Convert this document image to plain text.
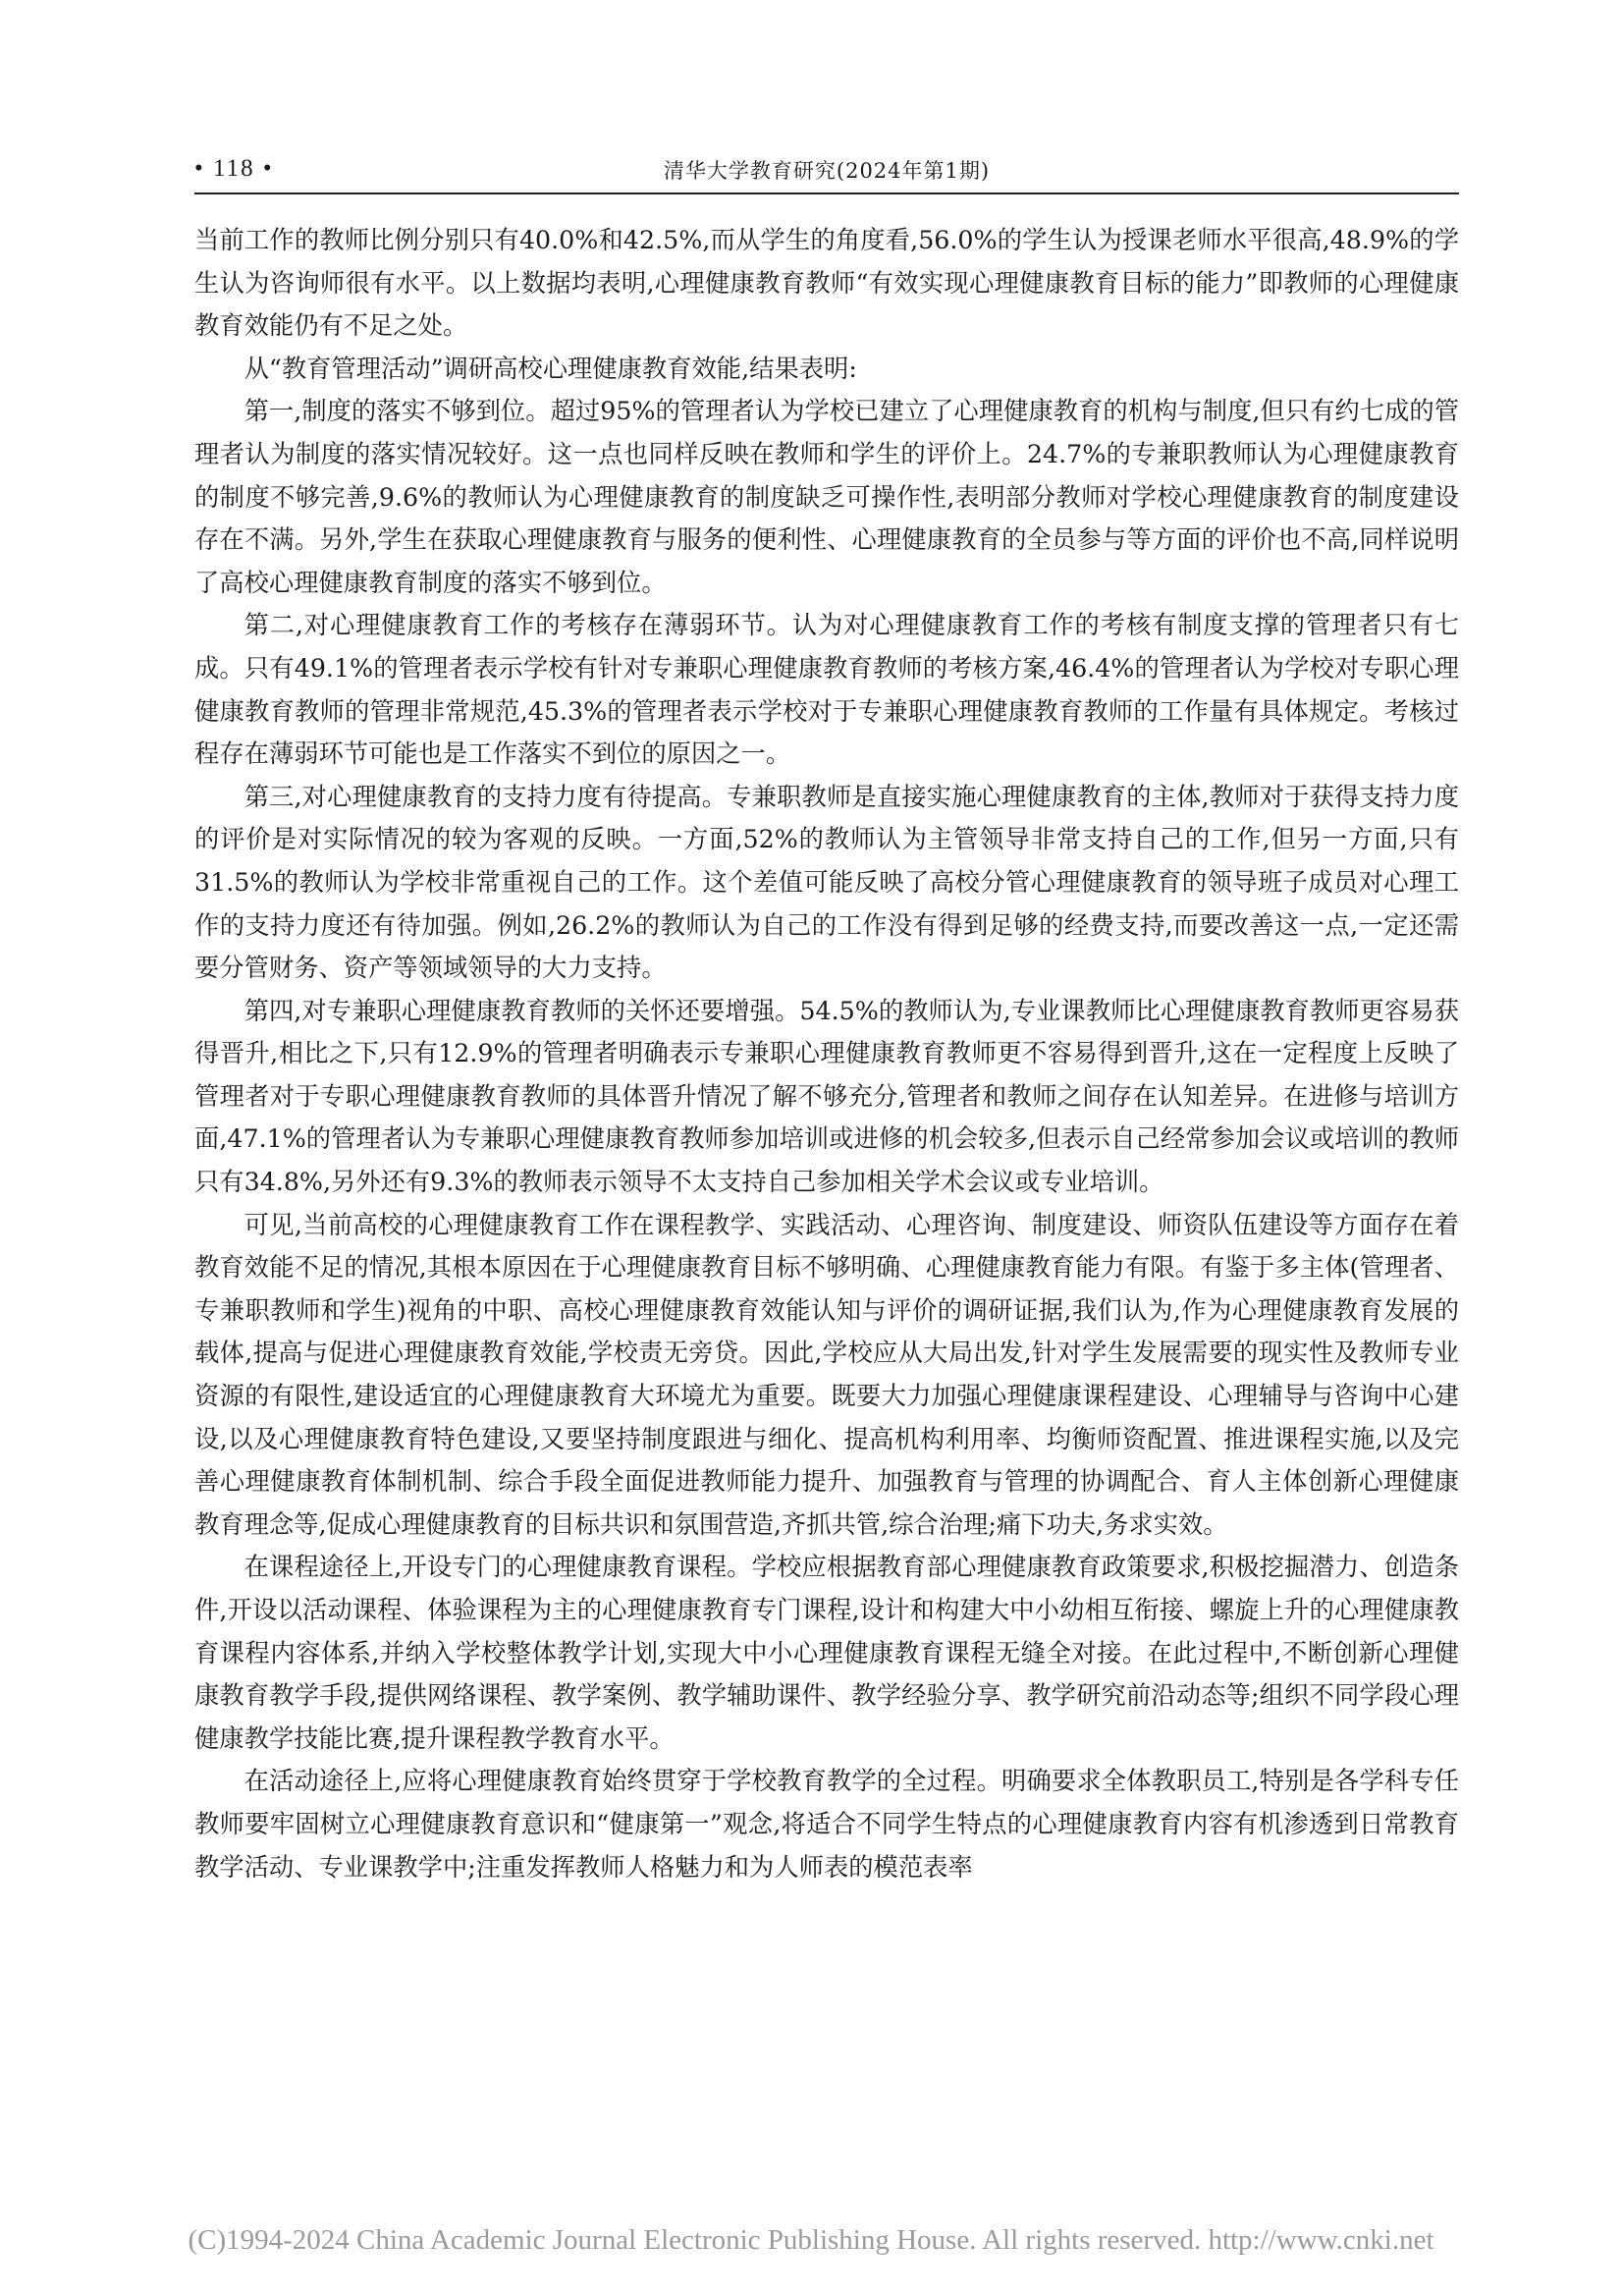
• 118 •	清华大学教育研究(2024年第1期)

当前工作的教师比例分别只有40.0%和42.5%,而从学生的角度看,56.0%的学生认为授课老师水平很高,48.9%的学生认为咨询师很有水平。以上数据均表明,心理健康教育教师“有效实现心理健康教育目标的能力”即教师的心理健康教育效能仍有不足之处。

从“教育管理活动”调研高校心理健康教育效能,结果表明:

第一,制度的落实不够到位。超过95%的管理者认为学校已建立了心理健康教育的机构与制度,但只有约七成的管理者认为制度的落实情况较好。这一点也同样反映在教师和学生的评价上。24.7%的专兼职教师认为心理健康教育的制度不够完善,9.6%的教师认为心理健康教育的制度缺乏可操作性,表明部分教师对学校心理健康教育的制度建设存在不满。另外,学生在获取心理健康教育与服务的便利性、心理健康教育的全员参与等方面的评价也不高,同样说明了高校心理健康教育制度的落实不够到位。

第二,对心理健康教育工作的考核存在薄弱环节。认为对心理健康教育工作的考核有制度支撑的管理者只有七成。只有49.1%的管理者表示学校有针对专兼职心理健康教育教师的考核方案,46.4%的管理者认为学校对专职心理健康教育教师的管理非常规范,45.3%的管理者表示学校对于专兼职心理健康教育教师的工作量有具体规定。考核过程存在薄弱环节可能也是工作落实不到位的原因之一。

第三,对心理健康教育的支持力度有待提高。专兼职教师是直接实施心理健康教育的主体,教师对于获得支持力度的评价是对实际情况的较为客观的反映。一方面,52%的教师认为主管领导非常支持自己的工作,但另一方面,只有31.5%的教师认为学校非常重视自己的工作。这个差值可能反映了高校分管心理健康教育的领导班子成员对心理工作的支持力度还有待加强。例如,26.2%的教师认为自己的工作没有得到足够的经费支持,而要改善这一点,一定还需要分管财务、资产等领域领导的大力支持。

第四,对专兼职心理健康教育教师的关怀还要增强。54.5%的教师认为,专业课教师比心理健康教育教师更容易获得晋升,相比之下,只有12.9%的管理者明确表示专兼职心理健康教育教师更不容易得到晋升,这在一定程度上反映了管理者对于专职心理健康教育教师的具体晋升情况了解不够充分,管理者和教师之间存在认知差异。在进修与培训方面,47.1%的管理者认为专兼职心理健康教育教师参加培训或进修的机会较多,但表示自己经常参加会议或培训的教师只有34.8%,另外还有9.3%的教师表示领导不太支持自己参加相关学术会议或专业培训。

可见,当前高校的心理健康教育工作在课程教学、实践活动、心理咨询、制度建设、师资队伍建设等方面存在着教育效能不足的情况,其根本原因在于心理健康教育目标不够明确、心理健康教育能力有限。有鉴于多主体(管理者、专兼职教师和学生)视角的中职、高校心理健康教育效能认知与评价的调研证据,我们认为,作为心理健康教育发展的载体,提高与促进心理健康教育效能,学校责无旁贷。因此,学校应从大局出发,针对学生发展需要的现实性及教师专业资源的有限性,建设适宜的心理健康教育大环境尤为重要。既要大力加强心理健康课程建设、心理辅导与咨询中心建设,以及心理健康教育特色建设,又要坚持制度跟进与细化、提高机构利用率、均衡师资配置、推进课程实施,以及完善心理健康教育体制机制、综合手段全面促进教师能力提升、加强教育与管理的协调配合、育人主体创新心理健康教育理念等,促成心理健康教育的目标共识和氛围营造,齐抓共管,综合治理;痛下功夫,务求实效。

在课程途径上,开设专门的心理健康教育课程。学校应根据教育部心理健康教育政策要求,积极挖掘潜力、创造条件,开设以活动课程、体验课程为主的心理健康教育专门课程,设计和构建大中小幼相互衔接、螺旋上升的心理健康教育课程内容体系,并纳入学校整体教学计划,实现大中小心理健康教育课程无缝全对接。在此过程中,不断创新心理健康教育教学手段,提供网络课程、教学案例、教学辅助课件、教学经验分享、教学研究前沿动态等;组织不同学段心理健康教学技能比赛,提升课程教学教育水平。

在活动途径上,应将心理健康教育始终贯穿于学校教育教学的全过程。明确要求全体教职员工,特别是各学科专任教师要牢固树立心理健康教育意识和“健康第一”观念,将适合不同学生特点的心理健康教育内容有机渗透到日常教育教学活动、专业课教学中;注重发挥教师人格魅力和为人师表的模范表率

(C)1994-2024 China Academic Journal Electronic Publishing House. All rights reserved. http://www.cnki.net
